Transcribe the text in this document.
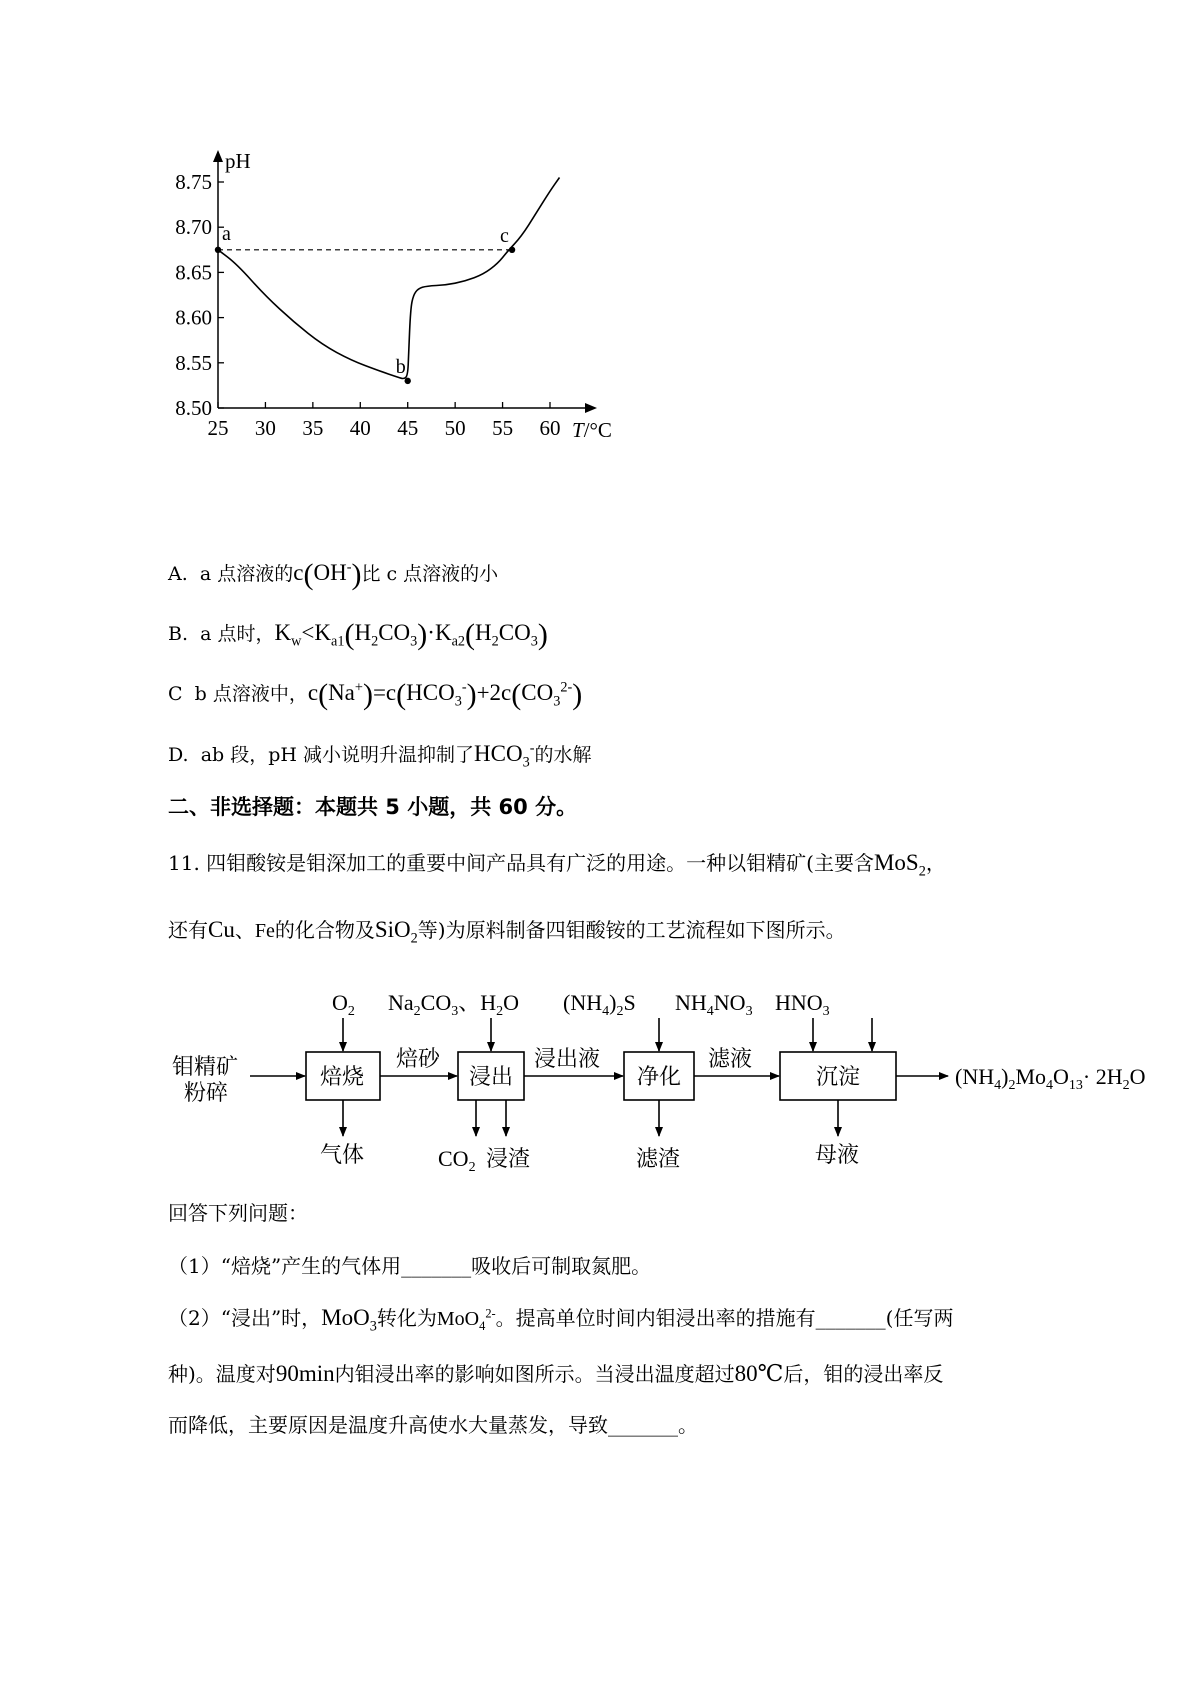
pH
T/°C
25 30 35 40 45 50 55 60
8.50
8.55
8.60
8.65
8.70
8.75
a
b
c
A. a 点溶液的c(OH-)比 c 点溶液的小
B. a 点时，$K_w<K_{a1}(H_2CO_3)\cdot K_{a2}(H_2CO_3)$
C b 点溶液中，$c(Na^+)=c(HCO_3^-)+2c(CO_3^{2-})$
D. ab 段，pH 减小说明升温抑制了$HCO_3^-$的水解
二、非选择题：本题共 5 小题，共 60 分。
11. 四钼酸铵是钼深加工的重要中间产品具有广泛的用途。一种以钼精矿(主要含MoS$_2$，
还有Cu、Fe的化合物及SiO$_2$等)为原料制备四钼酸铵的工艺流程如下图所示。
$O_2$ $Na_2CO_3$、$H_2O$ $(NH_4)_2S$ $NH_4NO_3$ $HNO_3$
钼精矿
粉碎
焙烧	浸出	净化	沉淀
焙砂	浸出液	滤液
$(NH_4)_2Mo_4O_{13}\cdot 2H_2O$
气体	$CO_2$ 浸渣	滤渣	母液
回答下列问题：
（1）“焙烧”产生的气体用_______吸收后可制取氮肥。
（2）“浸出”时，MoO$_3$转化为MoO$_4^{2-}$。提高单位时间内钼浸出率的措施有_______(任写两
种)。温度对90min内钼浸出率的影响如图所示。当浸出温度超过80℃后，钼的浸出率反
而降低，主要原因是温度升高使水大量蒸发，导致_______。
